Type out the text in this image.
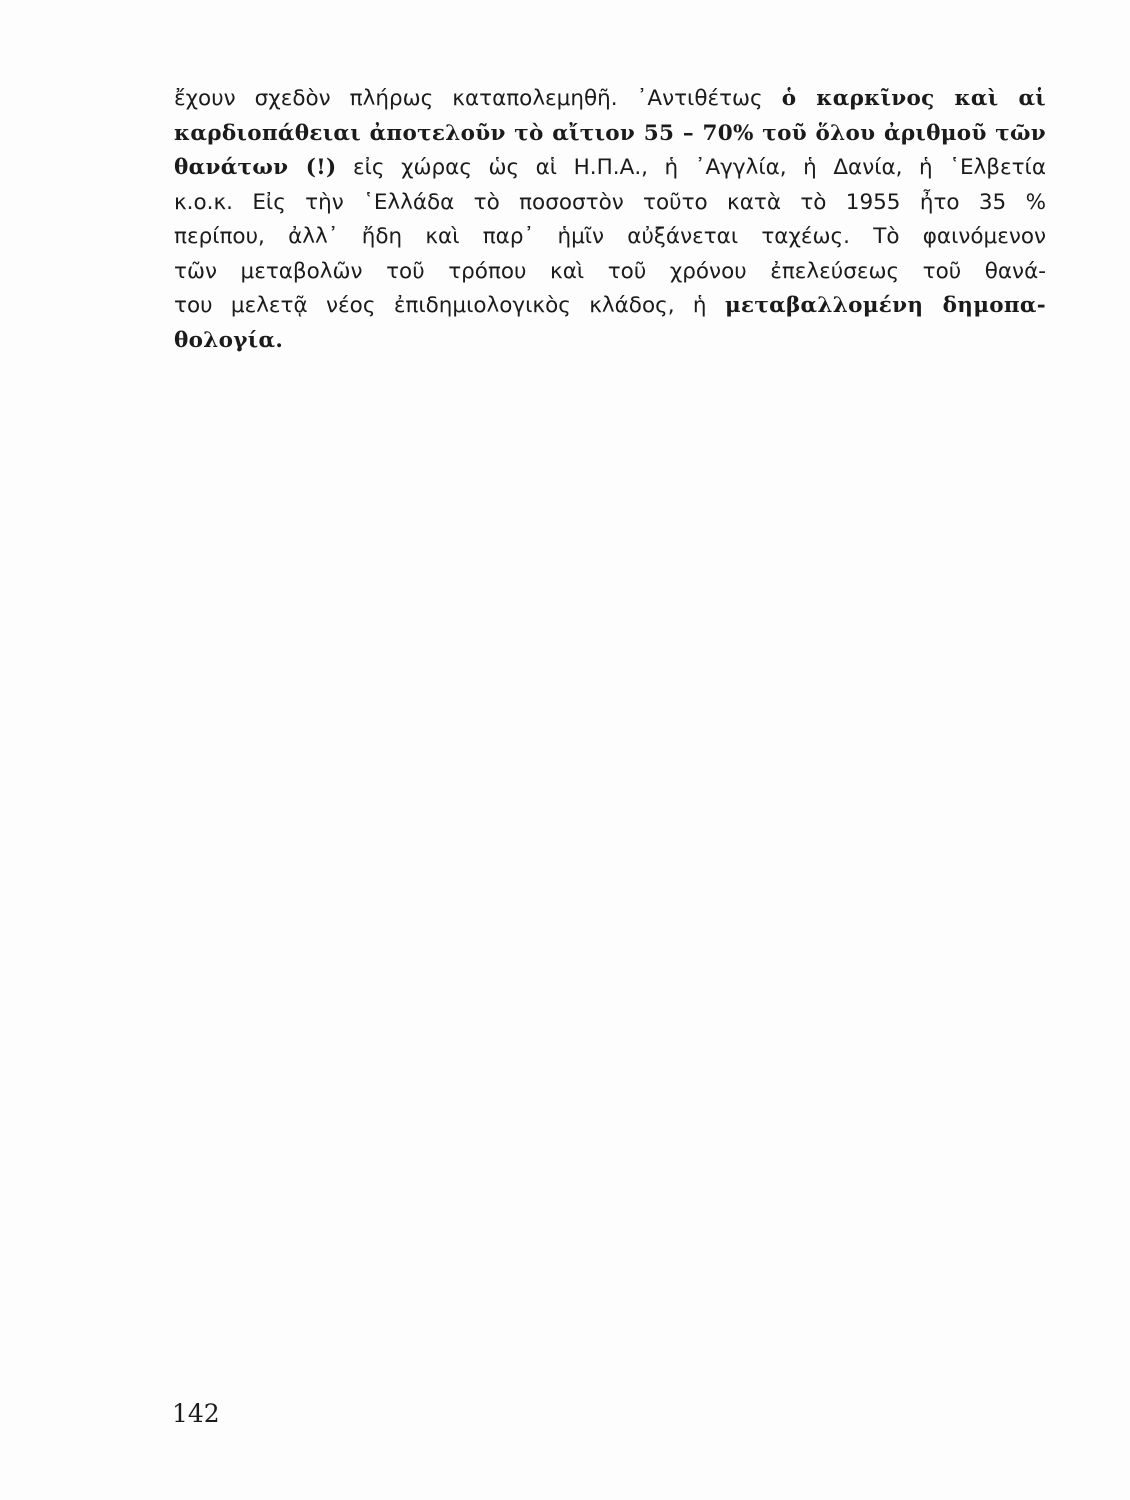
ἔχουν σχεδὸν πλήρως καταπολεμηθῆ. ᾽Αντιθέτως ὁ καρκῖνος καὶ αἱ
καρδιοπάθειαι ἀποτελοῦν τὸ αἴτιον 55 – 70% τοῦ ὅλου ἀριθμοῦ τῶν
θανάτων (!) εἰς χώρας ὡς αἱ Η.Π.Α., ἡ ᾽Αγγλία, ἡ Δανία, ἡ ῾Ελβετία
κ.ο.κ. Εἰς τὴν ῾Ελλάδα τὸ ποσοστὸν τοῦτο κατὰ τὸ 1955 ἦτο 35 %
περίπου, ἀλλ᾽ ἤδη καὶ παρ᾽ ἡμῖν αὐξάνεται ταχέως. Τὸ φαινόμενον
τῶν μεταβολῶν τοῦ τρόπου καὶ τοῦ χρόνου ἐπελεύσεως τοῦ θανά-
του μελετᾷ νέος ἐπιδημιολογικὸς κλάδος, ἡ μεταβαλλομένη δημοπα-
θολογία.
142
